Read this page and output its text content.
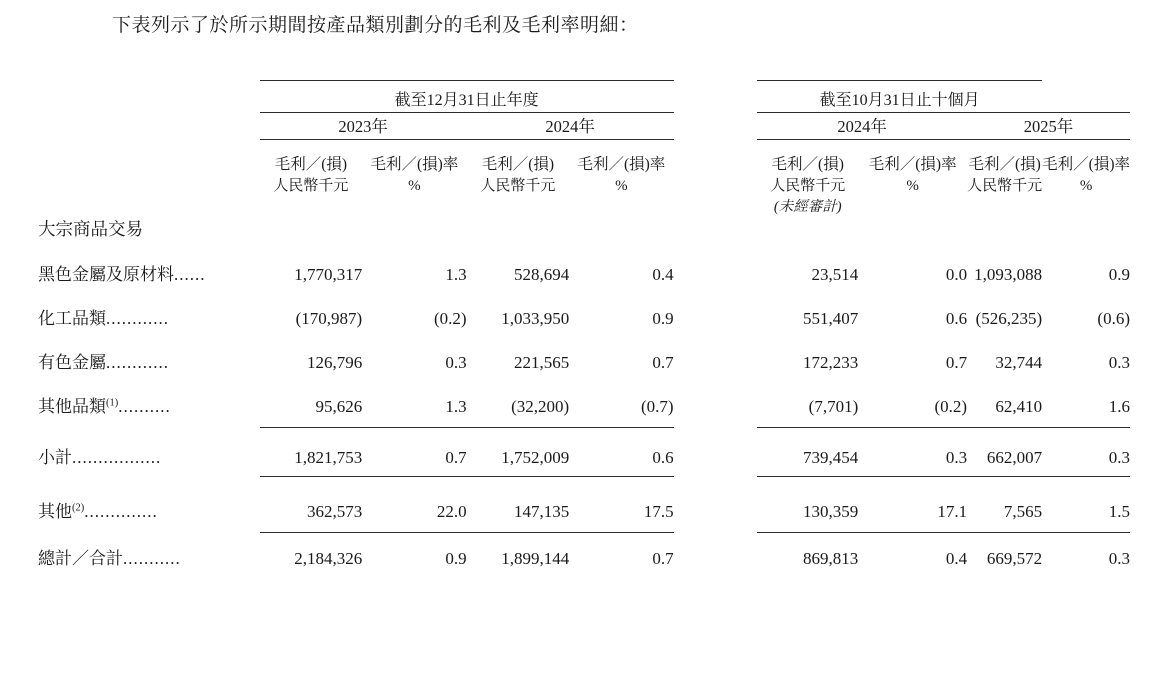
下表列示了於所示期間按產品類別劃分的毛利及毛利率明細：

	截至12月31日止年度					截至10月31日止十個月			

	2023年		2024年			2024年		2025年	

	毛利／(損)	毛利／(損)率	毛利／(損)	毛利／(損)率		毛利／(損)	毛利／(損)率	毛利／(損)	毛利／(損)率
	人民幣千元	%	人民幣千元	%		人民幣千元	%	人民幣千元	%
						(未經審計)			
大宗商品交易									
黑色金屬及原材料......	1,770,317	1.3	528,694	0.4		23,514	0.0	1,093,088	0.9
化工品類............	(170,987)	(0.2)	1,033,950	0.9		551,407	0.6	(526,235)	(0.6)
有色金屬............	126,796	0.3	221,565	0.7		172,233	0.7	32,744	0.3
其他品類$^{(1)}$..........	95,626	1.3	(32,200)	(0.7)		(7,701)	(0.2)	62,410	1.6

小計.................	1,821,753	0.7	1,752,009	0.6		739,454	0.3	662,007	0.3

其他$^{(2)}$..............	362,573	22.0	147,135	17.5		130,359	17.1	7,565	1.5

總計／合計...........	2,184,326	0.9	1,899,144	0.7		869,813	0.4	669,572	0.3
